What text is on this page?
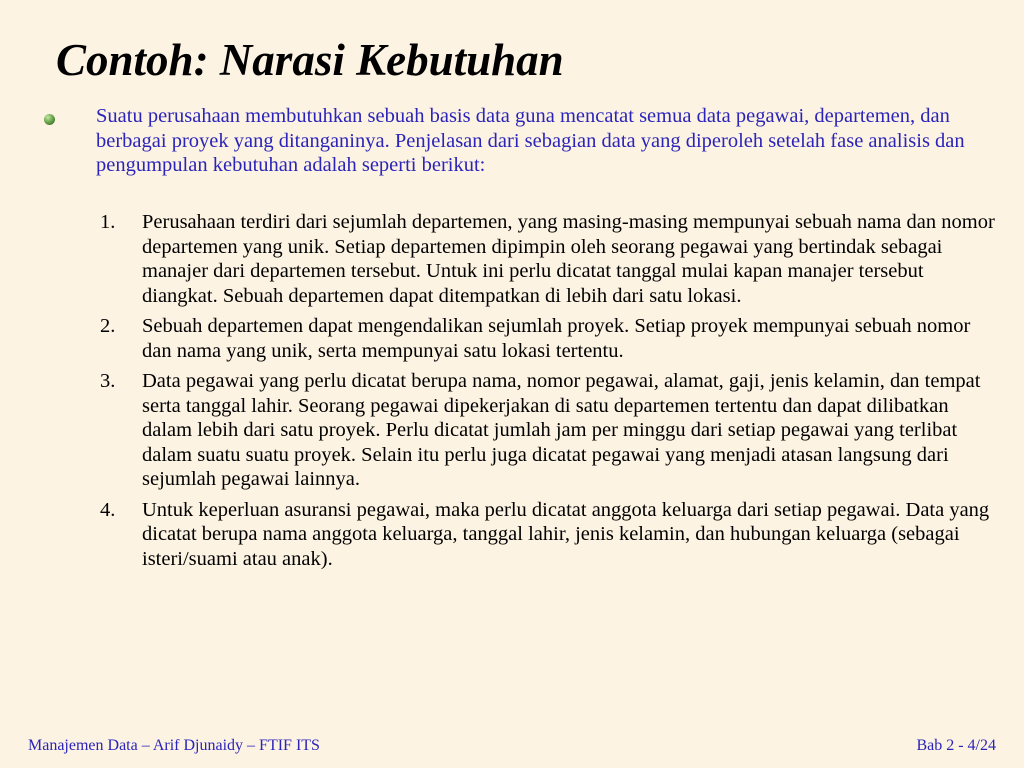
Contoh: Narasi Kebutuhan

Suatu perusahaan membutuhkan sebuah basis data guna mencatat semua data pegawai, departemen, dan berbagai proyek yang ditanganinya. Penjelasan dari sebagian data yang diperoleh setelah fase analisis dan pengumpulan kebutuhan adalah seperti berikut:

1. Perusahaan terdiri dari sejumlah departemen, yang masing-masing mempunyai sebuah nama dan nomor departemen yang unik. Setiap departemen dipimpin oleh seorang pegawai yang bertindak sebagai manajer dari departemen tersebut. Untuk ini perlu dicatat tanggal mulai kapan manajer tersebut diangkat. Sebuah departemen dapat ditempatkan di lebih dari satu lokasi.
2. Sebuah departemen dapat mengendalikan sejumlah proyek. Setiap proyek mempunyai sebuah nomor dan nama yang unik, serta mempunyai satu lokasi tertentu.
3. Data pegawai yang perlu dicatat berupa nama, nomor pegawai, alamat, gaji, jenis kelamin, dan tempat serta tanggal lahir. Seorang pegawai dipekerjakan di satu departemen tertentu dan dapat dilibatkan dalam lebih dari satu proyek. Perlu dicatat jumlah jam per minggu dari setiap pegawai yang terlibat dalam suatu suatu proyek. Selain itu perlu juga dicatat pegawai yang menjadi atasan langsung dari sejumlah pegawai lainnya.
4. Untuk keperluan asuransi pegawai, maka perlu dicatat anggota keluarga dari setiap pegawai. Data yang dicatat berupa nama anggota keluarga, tanggal lahir, jenis kelamin, dan hubungan keluarga (sebagai isteri/suami atau anak).
Manajemen Data – Arif Djunaidy – FTIF ITS	Bab 2 - 4/24
